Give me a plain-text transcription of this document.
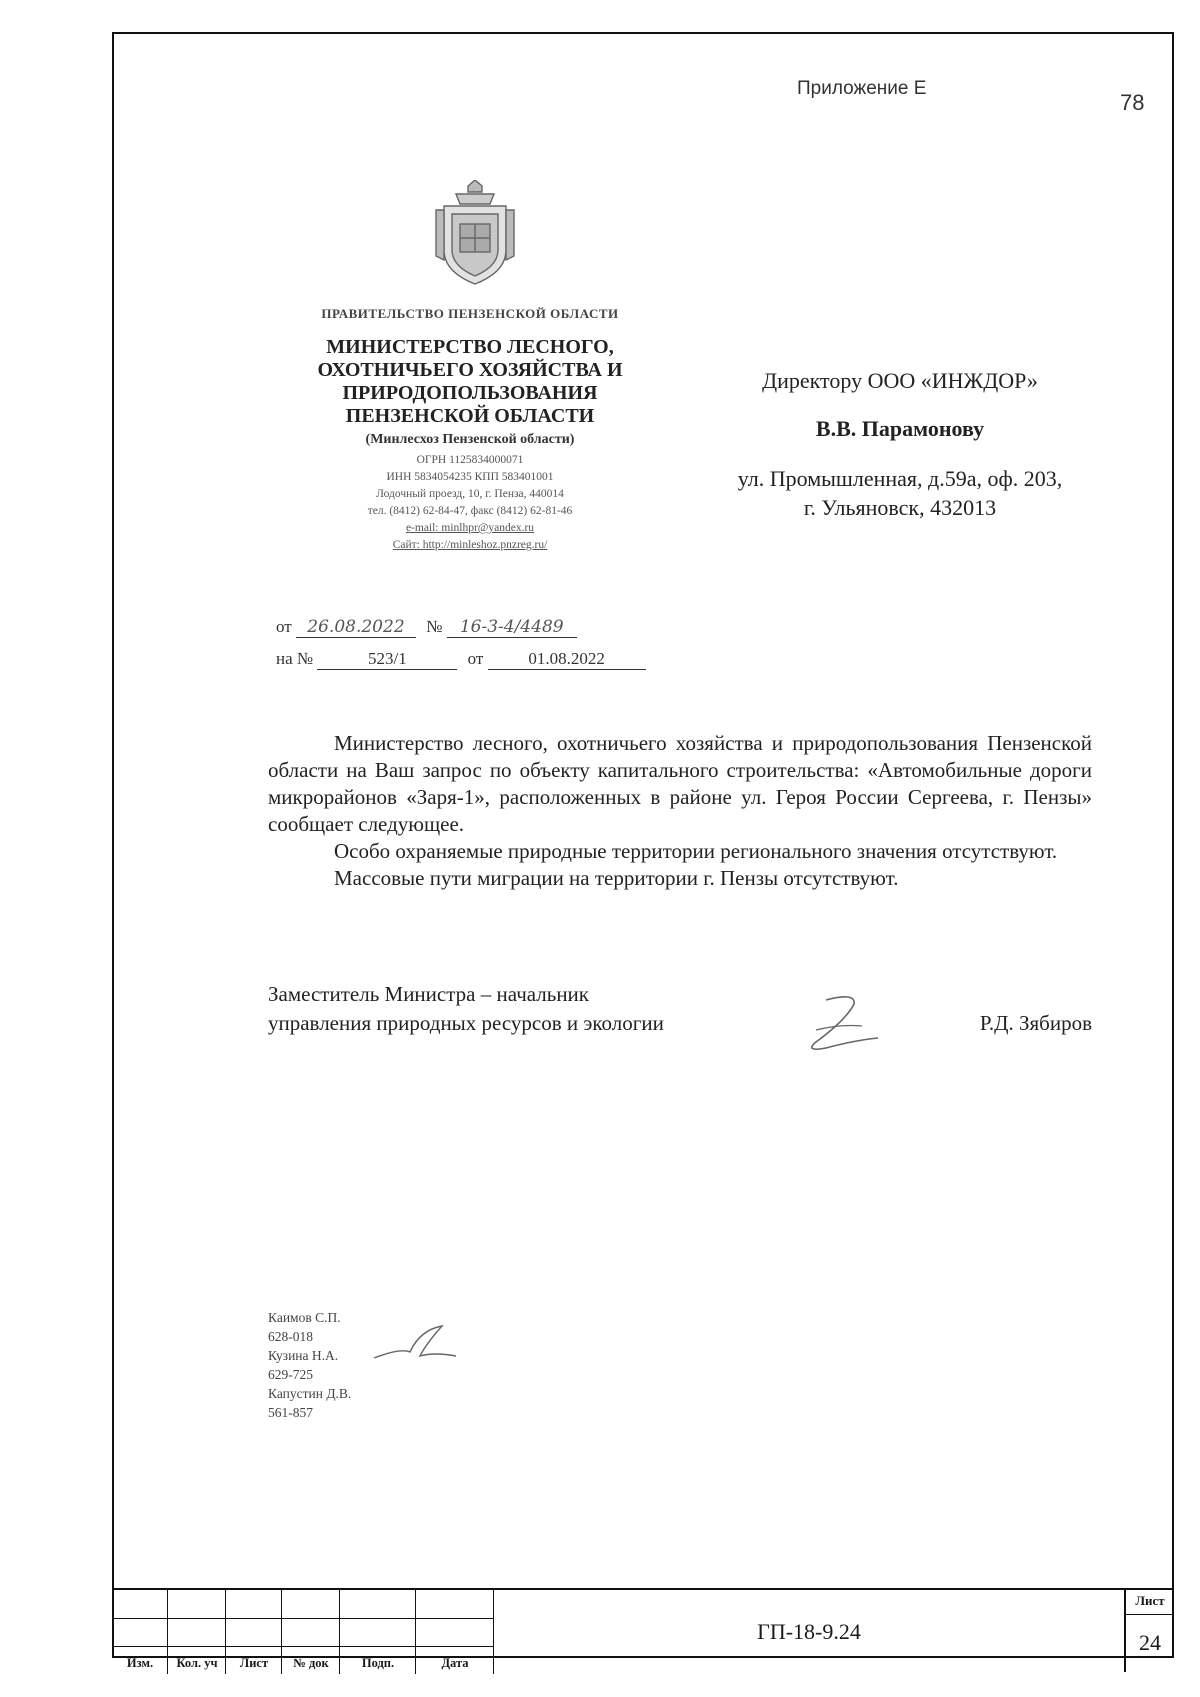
Приложение Е
78
ПРАВИТЕЛЬСТВО ПЕНЗЕНСКОЙ ОБЛАСТИ
МИНИСТЕРСТВО ЛЕСНОГО,
ОХОТНИЧЬЕГО ХОЗЯЙСТВА И
ПРИРОДОПОЛЬЗОВАНИЯ
ПЕНЗЕНСКОЙ ОБЛАСТИ
(Минлесхоз Пензенской области)
ОГРН 1125834000071
ИНН 5834054235 КПП 583401001
Лодочный проезд, 10, г. Пенза, 440014
тел. (8412) 62-84-47, факс (8412) 62-81-46
e-mail: minlhpr@yandex.ru
Сайт: http://minleshoz.pnzreg.ru/
от 26.08.2022 № 16-3-4/4489
на №	523/1	от	01.08.2022
Директору ООО «ИНЖДОР»
В.В. Парамонову
ул. Промышленная, д.59а, оф. 203,
г. Ульяновск, 432013

Министерство лесного, охотничьего хозяйства и природопользования Пензенской области на Ваш запрос по объекту капитального строительства: «Автомобильные дороги микрорайонов «Заря-1», расположенных в районе ул. Героя России Сергеева, г. Пензы» сообщает следующее.

Особо охраняемые природные территории регионального значения отсутствуют.

Массовые пути миграции на территории г. Пензы отсутствуют.

Заместитель Министра – начальник
управления природных ресурсов и экологии	Р.Д. Зябиров
Каимов С.П.
628-018
Кузина Н.А.
629-725
Капустин Д.В.
561-857
Изм.	Кол. уч	Лист	№ док	Подп.	Дата
ГП-18-9.24
Лист
24
